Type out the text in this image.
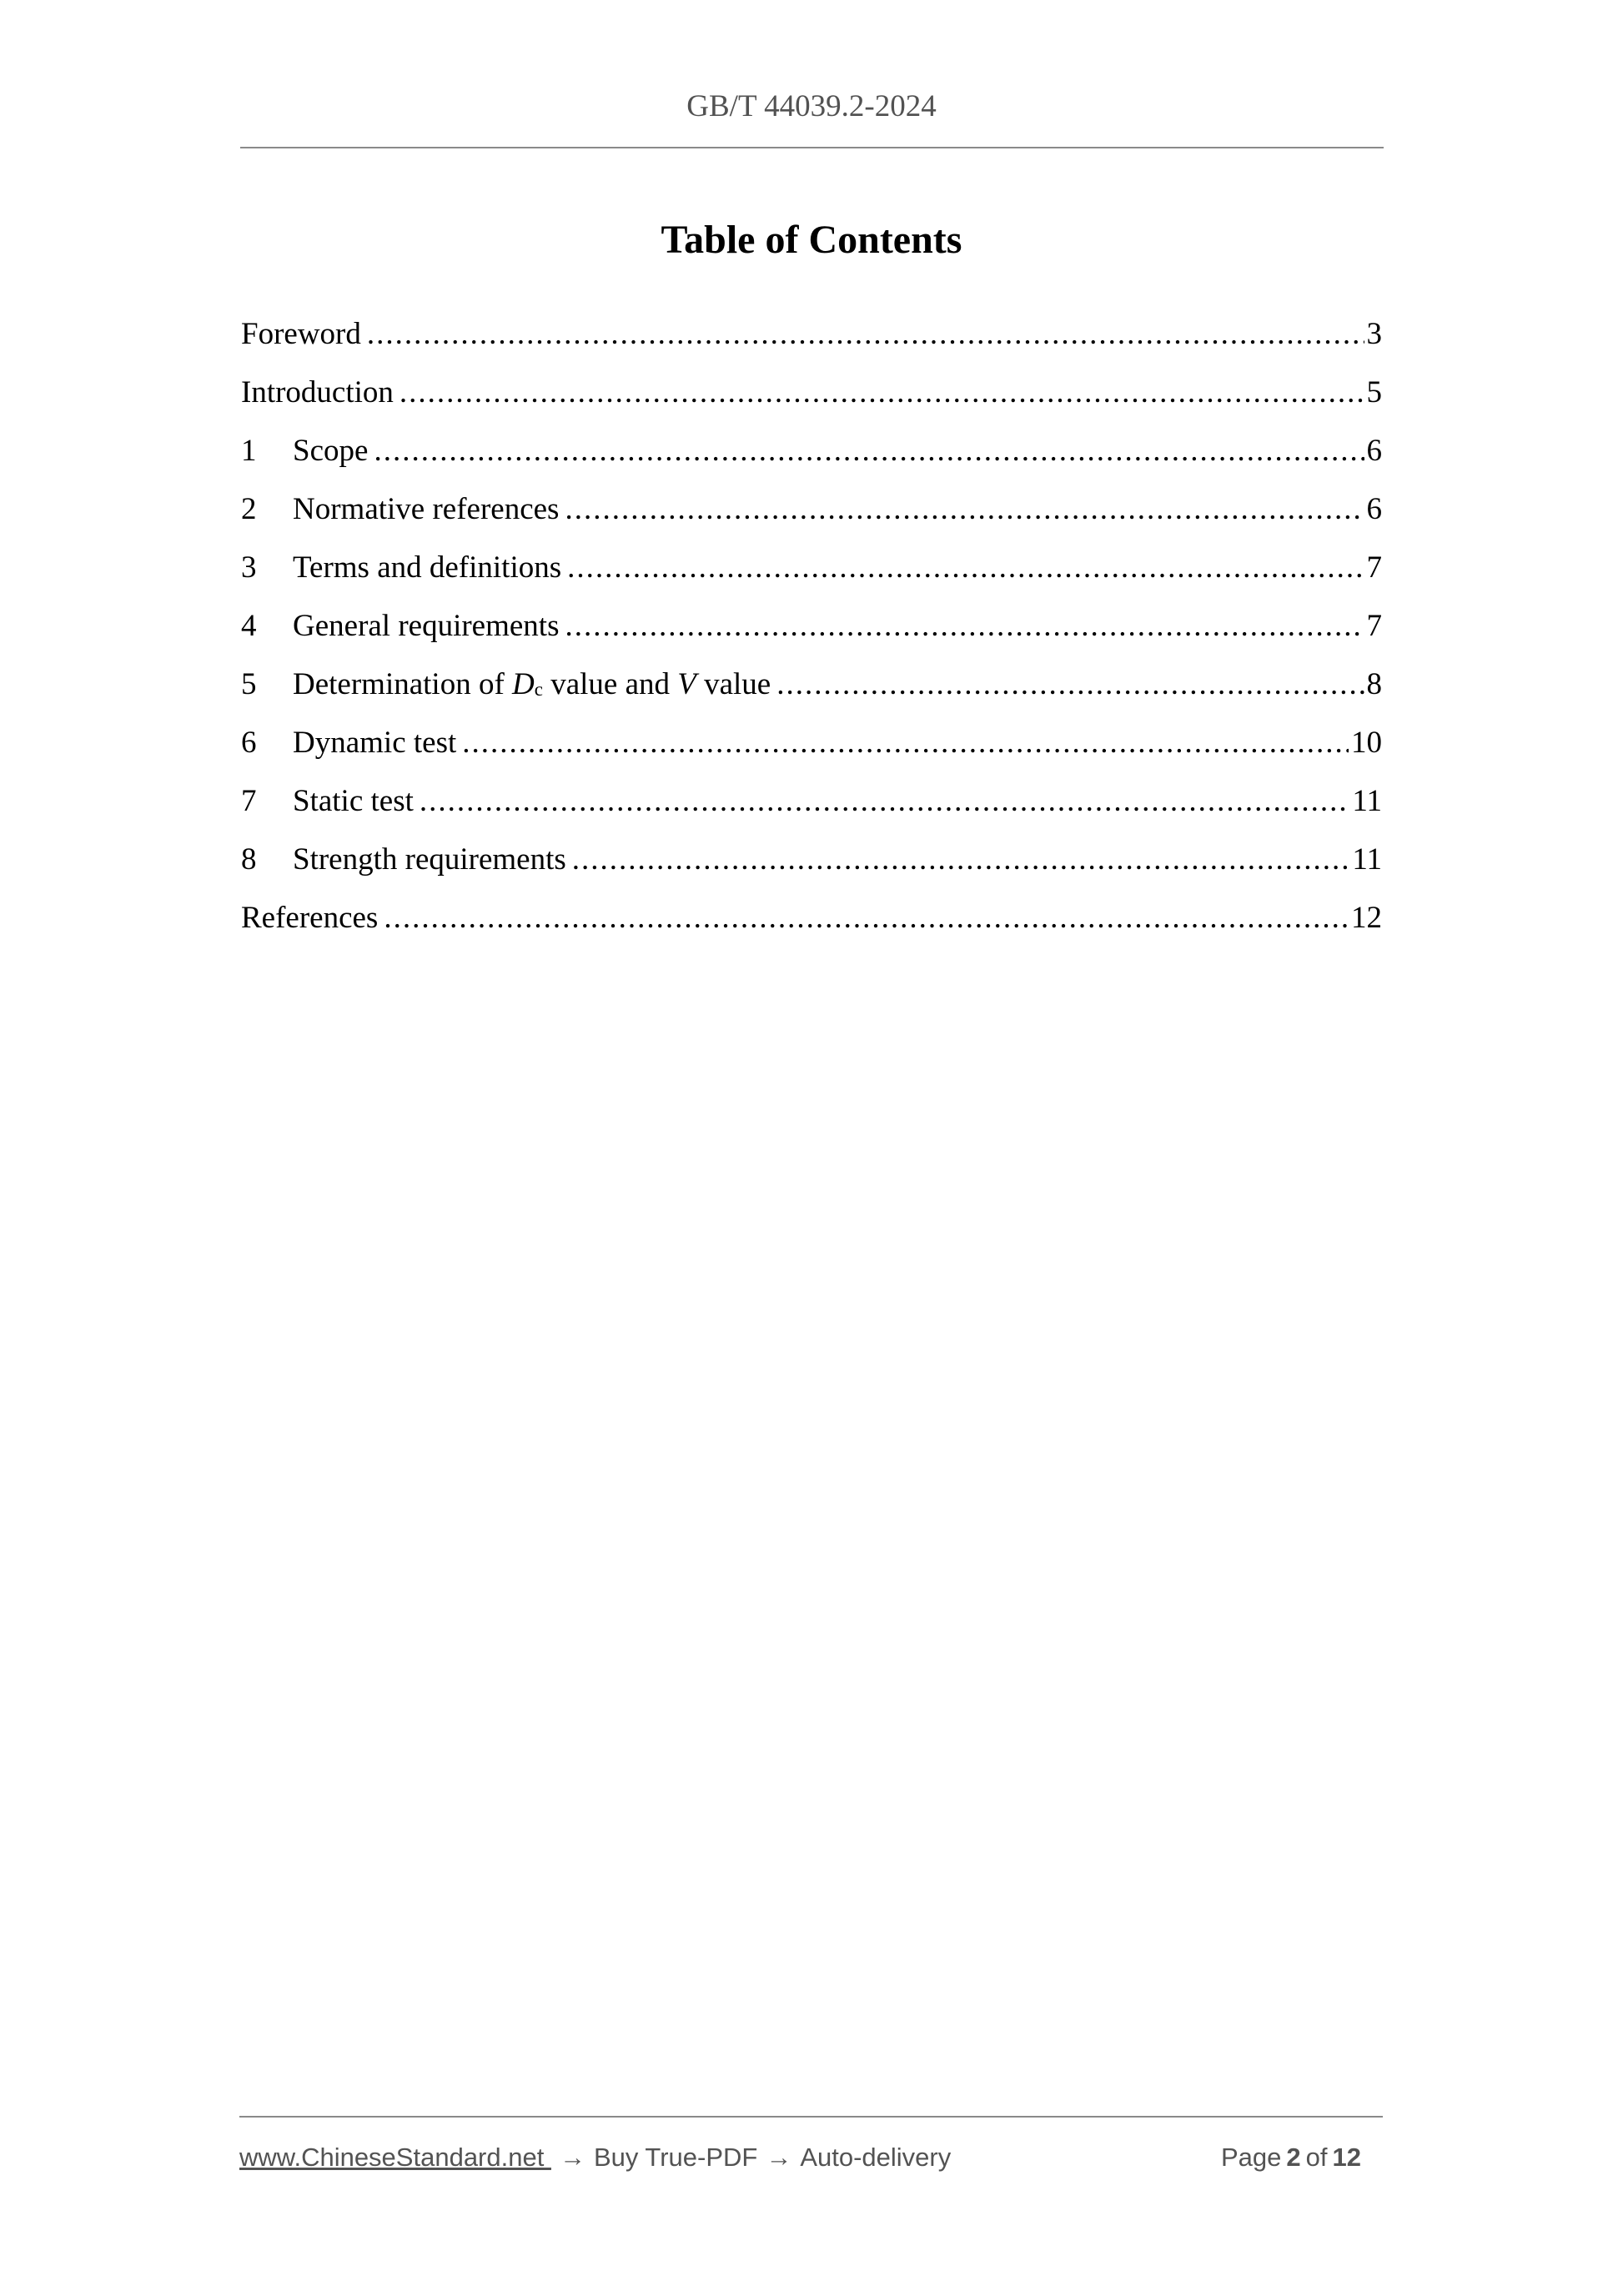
GB/T 44039.2-2024
Table of Contents
Foreword .....	3
Introduction .....	5
1	Scope .....	6
2	Normative references .....	6
3	Terms and definitions .....	7
4	General requirements .....	7
5	Determination of Dc value and V value .....	8
6	Dynamic test .....	10
7	Static test .....	11
8	Strength requirements .....	11
References .....	12
www.ChineseStandard.net → Buy True-PDF → Auto-delivery	Page 2 of 12
